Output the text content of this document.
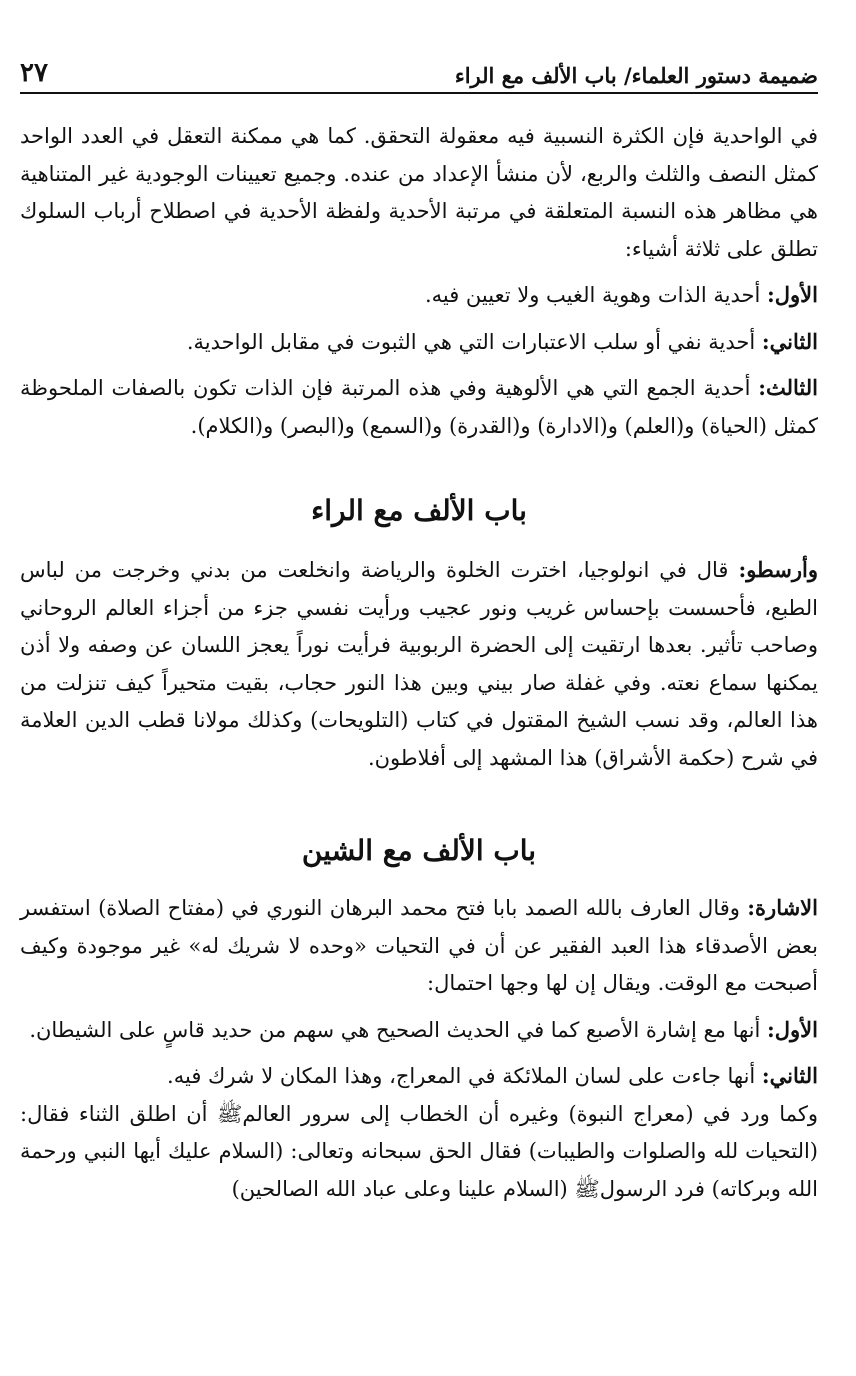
ضميمة دستور العلماء/ باب الألف مع الراء
٢٧

في الواحدية فإن الكثرة النسبية فيه معقولة التحقق. كما هي ممكنة التعقل في العدد الواحد كمثل النصف والثلث والربع، لأن منشأ الإعداد من عنده. وجميع تعيينات الوجودية غير المتناهية هي مظاهر هذه النسبة المتعلقة في مرتبة الأحدية ولفظة الأحدية في اصطلاح أرباب السلوك تطلق على ثلاثة أشياء:

الأول: أحدية الذات وهوية الغيب ولا تعيين فيه.

الثاني: أحدية نفي أو سلب الاعتبارات التي هي الثبوت في مقابل الواحدية.

الثالث: أحدية الجمع التي هي الألوهية وفي هذه المرتبة فإن الذات تكون بالصفات الملحوظة كمثل (الحياة) و(العلم) و(الادارة) و(القدرة) و(السمع) و(البصر) و(الكلام).

باب الألف مع الراء

وأرسطو: قال في انولوجيا، اخترت الخلوة والرياضة وانخلعت من بدني وخرجت من لباس الطبع، فأحسست بإحساس غريب ونور عجيب ورأيت نفسي جزء من أجزاء العالم الروحاني وصاحب تأثير. بعدها ارتقيت إلى الحضرة الربوبية فرأيت نوراً يعجز اللسان عن وصفه ولا أذن يمكنها سماع نعته. وفي غفلة صار بيني وبين هذا النور حجاب، بقيت متحيراً كيف تنزلت من هذا العالم، وقد نسب الشيخ المقتول في كتاب (التلويحات) وكذلك مولانا قطب الدين العلامة في شرح (حكمة الأشراق) هذا المشهد إلى أفلاطون.

باب الألف مع الشين

الاشارة: وقال العارف بالله الصمد بابا فتح محمد البرهان النوري في (مفتاح الصلاة) استفسر بعض الأصدقاء هذا العبد الفقير عن أن في التحيات «وحده لا شريك له» غير موجودة وكيف أصبحت مع الوقت. ويقال إن لها وجها احتمال:

الأول: أنها مع إشارة الأصبع كما في الحديث الصحيح هي سهم من حديد قاسٍ على الشيطان.

الثاني: أنها جاءت على لسان الملائكة في المعراج، وهذا المكان لا شرك فيه.

وكما ورد في (معراج النبوة) وغيره أن الخطاب إلى سرور العالمﷺ أن اطلق الثناء فقال: (التحيات لله والصلوات والطيبات) فقال الحق سبحانه وتعالى: (السلام عليك أيها النبي ورحمة الله وبركاته) فرد الرسولﷺ (السلام علينا وعلى عباد الله الصالحين)
